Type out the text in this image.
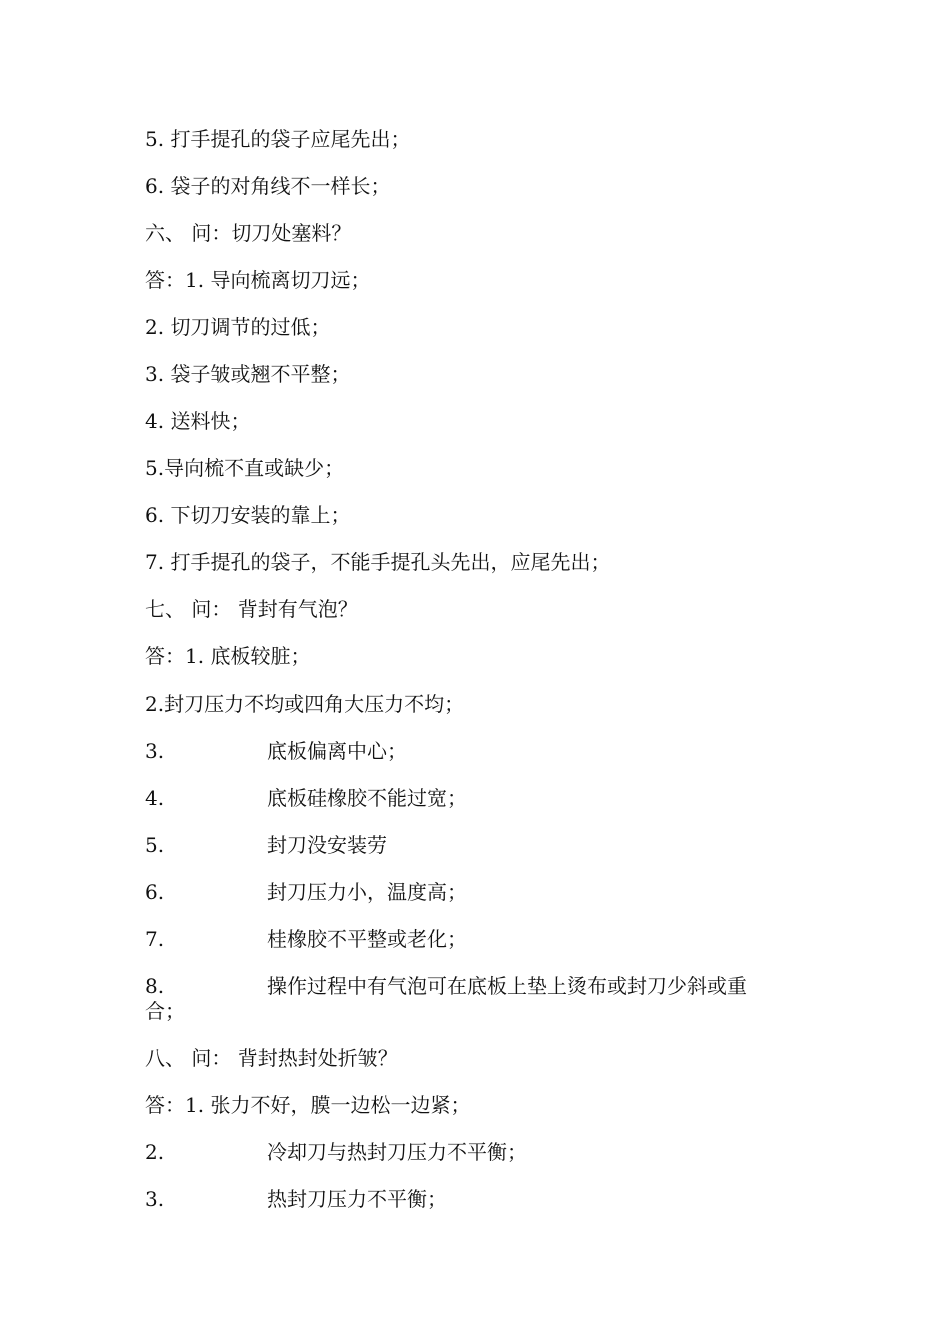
5. 打手提孔的袋子应尾先出；
6. 袋子的对角线不一样长；
六、 问：切刀处塞料？
答：1. 导向梳离切刀远；
2. 切刀调节的过低；
3. 袋子皱或翘不平整；
4. 送料快；
5.导向梳不直或缺少；
6. 下切刀安装的靠上；
7. 打手提孔的袋子，不能手提孔头先出，应尾先出；
七、 问： 背封有气泡？
答：1. 底板较脏；
2.封刀压力不均或四角大压力不均；
3.	底板偏离中心；
4.	底板硅橡胶不能过宽；
5.	封刀没安装劳
6.	封刀压力小，温度高；
7.	桂橡胶不平整或老化；
8.	操作过程中有气泡可在底板上垫上烫布或封刀少斜或重
合；
八、 问： 背封热封处折皱？
答：1. 张力不好，膜一边松一边紧；
2.	冷却刀与热封刀压力不平衡；
3.	热封刀压力不平衡；
